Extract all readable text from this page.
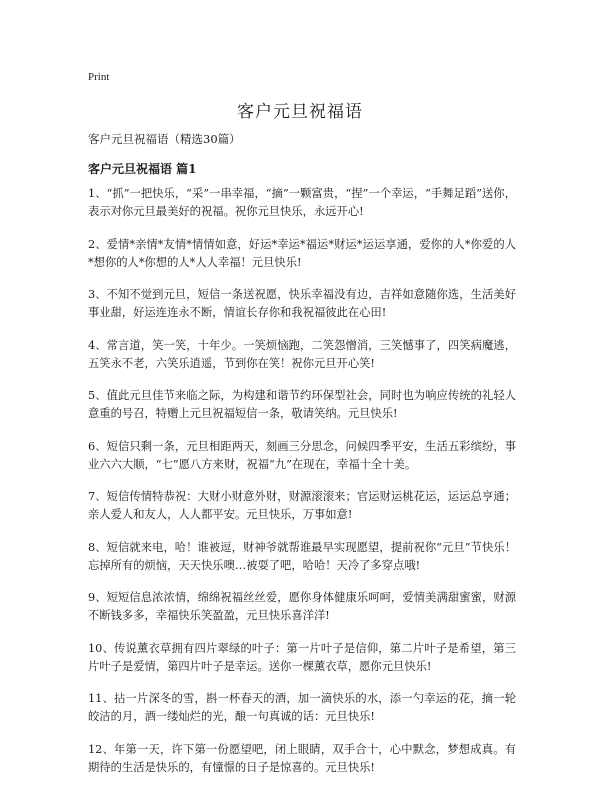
Print
客户元旦祝福语

客户元旦祝福语（精选30篇）

客户元旦祝福语 篇1

1、“抓”一把快乐，“采”一串幸福，“摘”一颗富贵，“捏”一个幸运，“手舞足蹈”送你，表示对你元旦最美好的祝福。祝你元旦快乐，永远开心!

2、爱情*亲情*友情*情情如意，好运*幸运*福运*财运*运运享通，爱你的人*你爱的人*想你的人*你想的人*人人幸福！元旦快乐!

3、不知不觉到元旦，短信一条送祝愿，快乐幸福没有边，吉祥如意随你选，生活美好事业甜，好运连连永不断，情谊长存你和我祝福彼此在心田!

4、常言道，笑一笑，十年少。一笑烦恼跑，二笑怨憎消，三笑憾事了，四笑病魔逃，五笑永不老，六笑乐逍遥，节到你在笑！祝你元旦开心笑!

5、值此元旦佳节来临之际，为构建和谐节约环保型社会，同时也为响应传统的礼轻人意重的号召，特赠上元旦祝福短信一条，敬请笑纳。元旦快乐!

6、短信只剩一条，元旦相距两天，刻画三分思念，问候四季平安，生活五彩缤纷，事业六六大顺，“七”愿八方来财，祝福“九”在现在，幸福十全十美。

7、短信传情特恭祝：大财小财意外财，财源滚滚来；官运财运桃花运，运运总亨通；亲人爱人和友人，人人都平安。元旦快乐，万事如意!

8、短信就来电，哈！谁被逗，财神爷就帮谁最早实现愿望，提前祝你“元旦”节快乐！忘掉所有的烦恼，天天快乐噢…被耍了吧，哈哈！天冷了多穿点哦!

9、短短信息浓浓情，绵绵祝福丝丝爱，愿你身体健康乐呵呵，爱情美满甜蜜蜜，财源不断钱多多，幸福快乐笑盈盈，元旦快乐喜洋洋!

10、传说薰衣草拥有四片翠绿的叶子：第一片叶子是信仰，第二片叶子是希望，第三片叶子是爱情，第四片叶子是幸运。送你一棵薰衣草，愿你元旦快乐!

11、拈一片深冬的雪，斟一杯春天的酒，加一滴快乐的水，添一勺幸运的花，摘一轮皎洁的月，酒一缕灿烂的光，酿一句真诚的话：元旦快乐!

12、年第一天，许下第一份愿望吧，闭上眼睛，双手合十，心中默念，梦想成真。有期待的生活是快乐的，有憧憬的日子是惊喜的。元旦快乐!
